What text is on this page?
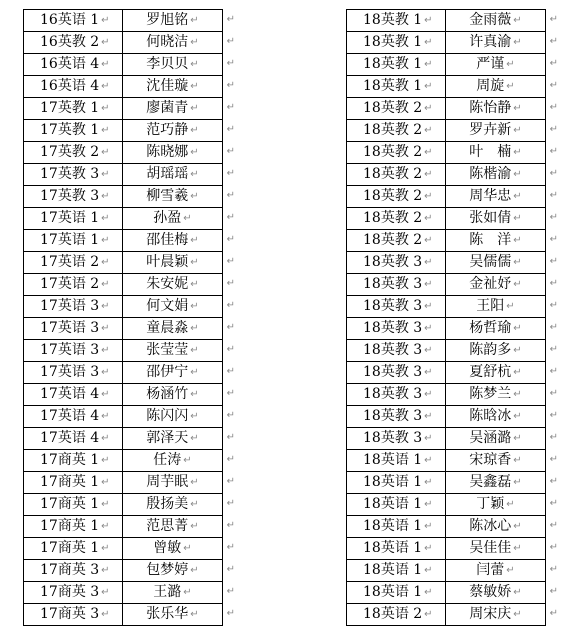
16英语 1 ↵	罗旭铭 ↵ ↵

16英教 2 ↵	何晓洁 ↵ ↵

16英语 4 ↵	李贝贝 ↵ ↵

16英语 4 ↵	沈佳璇 ↵ ↵

17英教 1 ↵	廖菌青 ↵ ↵

17英教 1 ↵	范巧静 ↵ ↵

17英教 2 ↵	陈晓娜 ↵ ↵

17英教 3 ↵	胡瑶瑶 ↵ ↵

17英教 3 ↵	柳雪羲 ↵ ↵

17英语 1 ↵	孙盈 ↵ ↵

17英语 1 ↵	邵佳梅 ↵ ↵

17英语 2 ↵	叶晨颖 ↵ ↵

17英语 2 ↵	朱安妮 ↵ ↵

17英语 3 ↵	何文娟 ↵ ↵

17英语 3 ↵	童晨淼 ↵ ↵

17英语 3 ↵	张莹莹 ↵ ↵

17英语 3 ↵	邵伊宁 ↵ ↵

17英语 4 ↵	杨涵竹 ↵ ↵

17英语 4 ↵	陈闪闪 ↵ ↵

17英语 4 ↵	郭泽天 ↵ ↵

17商英 1 ↵	任涛 ↵ ↵

17商英 1 ↵	周芋眠 ↵ ↵

17商英 1 ↵	殷扬美 ↵ ↵

17商英 1 ↵	范思菁 ↵ ↵

17商英 1 ↵	曾敏 ↵ ↵

17商英 3 ↵	包梦婷 ↵ ↵

17商英 3 ↵	王潞 ↵ ↵

17商英 3 ↵	张乐华 ↵ ↵
18英教 1 ↵	金雨薇 ↵ ↵

18英教 1 ↵	许真渝 ↵ ↵

18英教 1 ↵	严谨 ↵ ↵

18英教 1 ↵	周旋 ↵ ↵

18英教 2 ↵	陈怡静 ↵ ↵

18英教 2 ↵	罗卉新 ↵ ↵

18英教 2 ↵	叶　楠 ↵ ↵

18英教 2 ↵	陈楷渝 ↵ ↵

18英教 2 ↵	周华忠 ↵ ↵

18英教 2 ↵	张如倩 ↵ ↵

18英教 2 ↵	陈　洋 ↵ ↵

18英教 3 ↵	吴儒儒 ↵ ↵

18英教 3 ↵	金祉妤 ↵ ↵

18英教 3 ↵	王阳 ↵ ↵

18英教 3 ↵	杨哲瑜 ↵ ↵

18英教 3 ↵	陈韵多 ↵ ↵

18英教 3 ↵	夏舒杭 ↵ ↵

18英教 3 ↵	陈梦兰 ↵ ↵

18英教 3 ↵	陈晗冰 ↵ ↵

18英教 3 ↵	吴涵潞 ↵ ↵

18英语 1 ↵	宋琼香 ↵ ↵

18英语 1 ↵	吴鑫磊 ↵ ↵

18英语 1 ↵	丁颖 ↵ ↵

18英语 1 ↵	陈冰心 ↵ ↵

18英语 1 ↵	吴佳佳 ↵ ↵

18英语 1 ↵	闫蕾 ↵ ↵

18英语 1 ↵	蔡敏娇 ↵ ↵

18英语 2 ↵	周宋庆 ↵ ↵
